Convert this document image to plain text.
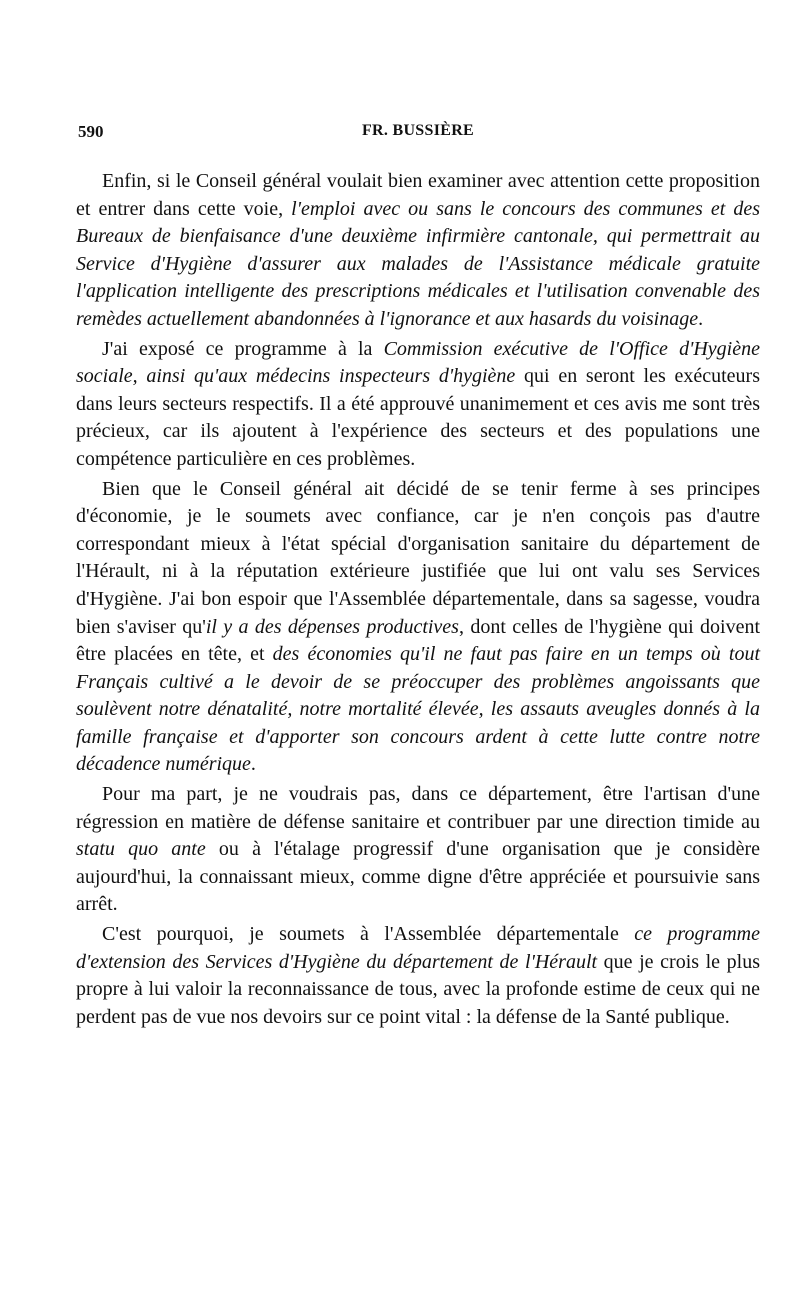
590	FR. BUSSIÈRE

Enfin, si le Conseil général voulait bien examiner avec attention cette proposition et entrer dans cette voie, l'emploi avec ou sans le concours des communes et des Bureaux de bienfaisance d'une deuxième infirmière cantonale, qui permettrait au Service d'Hygiène d'assurer aux malades de l'Assistance médicale gratuite l'application intelligente des prescriptions médicales et l'utilisation convenable des remèdes actuellement abandonnées à l'ignorance et aux hasards du voisinage.

J'ai exposé ce programme à la Commission exécutive de l'Office d'Hygiène sociale, ainsi qu'aux médecins inspecteurs d'hygiène qui en seront les exécuteurs dans leurs secteurs respectifs. Il a été approuvé unanimement et ces avis me sont très précieux, car ils ajoutent à l'expérience des secteurs et des populations une compétence particulière en ces problèmes.

Bien que le Conseil général ait décidé de se tenir ferme à ses principes d'économie, je le soumets avec confiance, car je n'en conçois pas d'autre correspondant mieux à l'état spécial d'organisation sanitaire du département de l'Hérault, ni à la réputation extérieure justifiée que lui ont valu ses Services d'Hygiène. J'ai bon espoir que l'Assemblée départementale, dans sa sagesse, voudra bien s'aviser qu'il y a des dépenses productives, dont celles de l'hygiène qui doivent être placées en tête, et des économies qu'il ne faut pas faire en un temps où tout Français cultivé a le devoir de se préoccuper des problèmes angoissants que soulèvent notre dénatalité, notre mortalité élevée, les assauts aveugles donnés à la famille française et d'apporter son concours ardent à cette lutte contre notre décadence numérique.

Pour ma part, je ne voudrais pas, dans ce département, être l'artisan d'une régression en matière de défense sanitaire et contribuer par une direction timide au statu quo ante ou à l'étalage progressif d'une organisation que je considère aujourd'hui, la connaissant mieux, comme digne d'être appréciée et poursuivie sans arrêt.

C'est pourquoi, je soumets à l'Assemblée départementale ce programme d'extension des Services d'Hygiène du département de l'Hérault que je crois le plus propre à lui valoir la reconnaissance de tous, avec la profonde estime de ceux qui ne perdent pas de vue nos devoirs sur ce point vital : la défense de la Santé publique.
